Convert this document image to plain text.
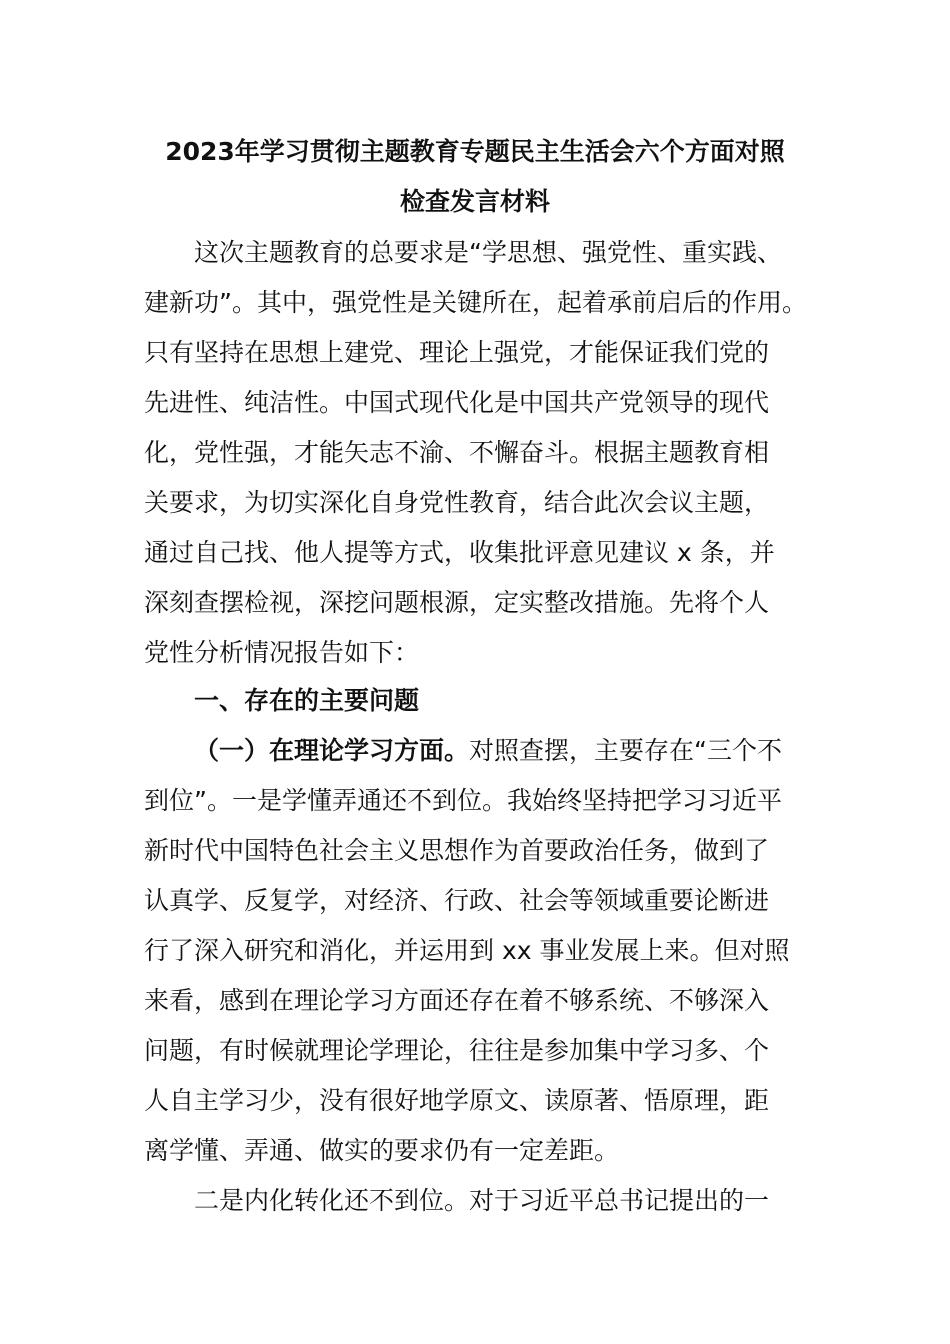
2023年学习贯彻主题教育专题民主生活会六个方面对照
检查发言材料
这次主题教育的总要求是“学思想、强党性、重实践、
建新功”。其中，强党性是关键所在，起着承前启后的作用。
只有坚持在思想上建党、理论上强党，才能保证我们党的
先进性、纯洁性。中国式现代化是中国共产党领导的现代
化，党性强，才能矢志不渝、不懈奋斗。根据主题教育相
关要求，为切实深化自身党性教育，结合此次会议主题，
通过自己找、他人提等方式，收集批评意见建议 x 条，并
深刻查摆检视，深挖问题根源，定实整改措施。先将个人
党性分析情况报告如下：
一、存在的主要问题
（一）在理论学习方面。对照查摆，主要存在“三个不
到位”。一是学懂弄通还不到位。我始终坚持把学习习近平
新时代中国特色社会主义思想作为首要政治任务，做到了
认真学、反复学，对经济、行政、社会等领域重要论断进
行了深入研究和消化，并运用到 xx 事业发展上来。但对照
来看，感到在理论学习方面还存在着不够系统、不够深入
问题，有时候就理论学理论，往往是参加集中学习多、个
人自主学习少，没有很好地学原文、读原著、悟原理，距
离学懂、弄通、做实的要求仍有一定差距。
二是内化转化还不到位。对于习近平总书记提出的一
